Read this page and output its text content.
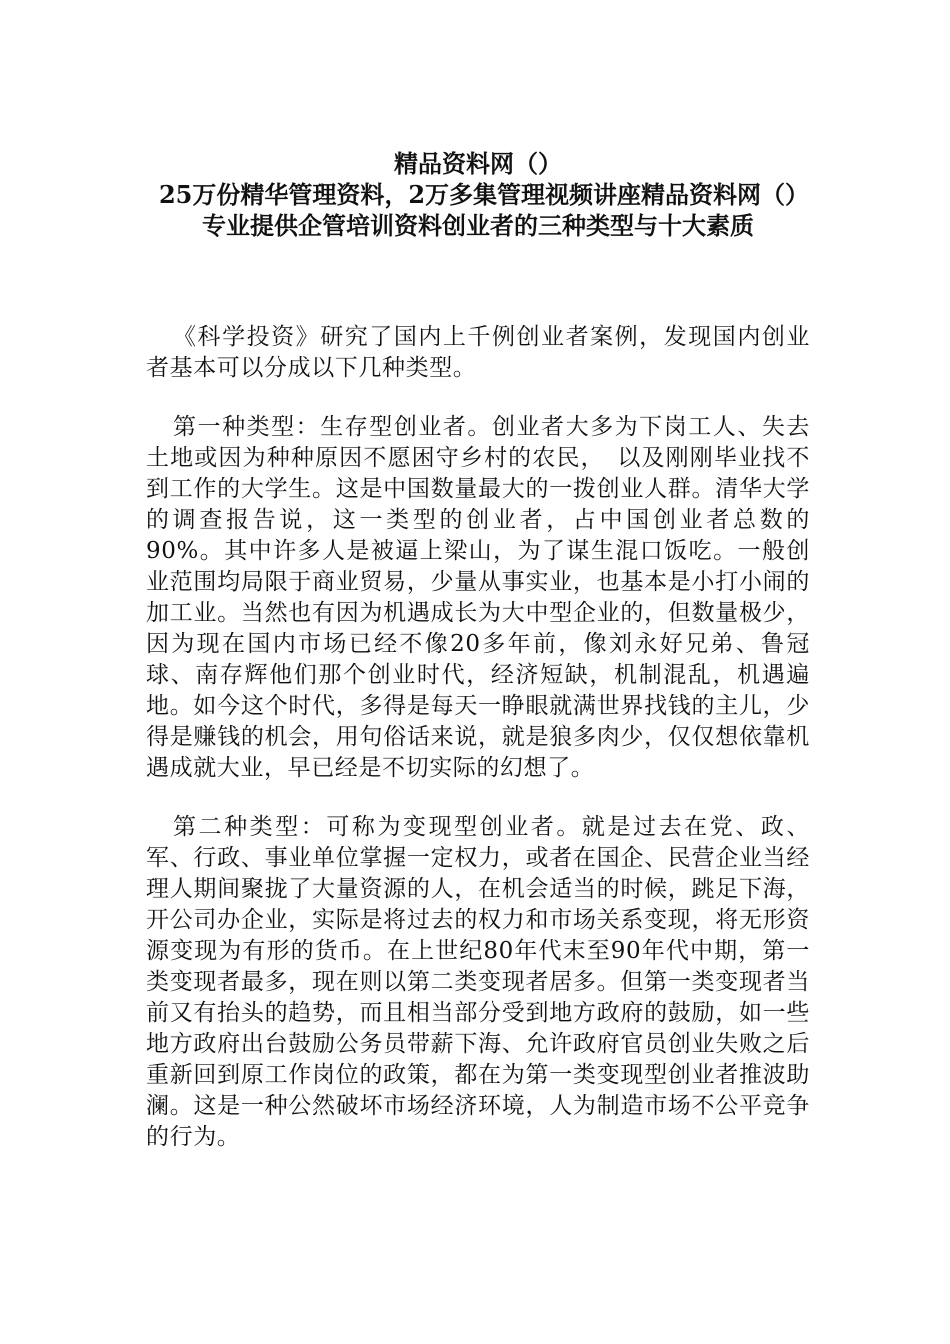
精品资料网（）
25万份精华管理资料，2万多集管理视频讲座精品资料网（）　专业提供企管培训资料创业者的三种类型与十大素质

《科学投资》研究了国内上千例创业者案例，发现国内创业者基本可以分成以下几种类型。

第一种类型：生存型创业者。创业者大多为下岗工人、失去土地或因为种种原因不愿困守乡村的农民，　以及刚刚毕业找不到工作的大学生。这是中国数量最大的一拨创业人群。清华大学的调查报告说，这一类型的创业者，占中国创业者总数的90%。其中许多人是被逼上梁山，为了谋生混口饭吃。一般创业范围均局限于商业贸易，少量从事实业，也基本是小打小闹的加工业。当然也有因为机遇成长为大中型企业的，但数量极少，因为现在国内市场已经不像20多年前，像刘永好兄弟、鲁冠球、南存辉他们那个创业时代，经济短缺，机制混乱，机遇遍地。如今这个时代，多得是每天一睁眼就满世界找钱的主儿，少得是赚钱的机会，用句俗话来说，就是狼多肉少，仅仅想依靠机遇成就大业，早已经是不切实际的幻想了。

第二种类型：可称为变现型创业者。就是过去在党、政、军、行政、事业单位掌握一定权力，或者在国企、民营企业当经理人期间聚拢了大量资源的人，在机会适当的时候，跳足下海，开公司办企业，实际是将过去的权力和市场关系变现，将无形资源变现为有形的货币。在上世纪80年代末至90年代中期，第一类变现者最多，现在则以第二类变现者居多。但第一类变现者当前又有抬头的趋势，而且相当部分受到地方政府的鼓励，如一些地方政府出台鼓励公务员带薪下海、允许政府官员创业失败之后重新回到原工作岗位的政策，都在为第一类变现型创业者推波助澜。这是一种公然破坏市场经济环境，人为制造市场不公平竞争的行为。
